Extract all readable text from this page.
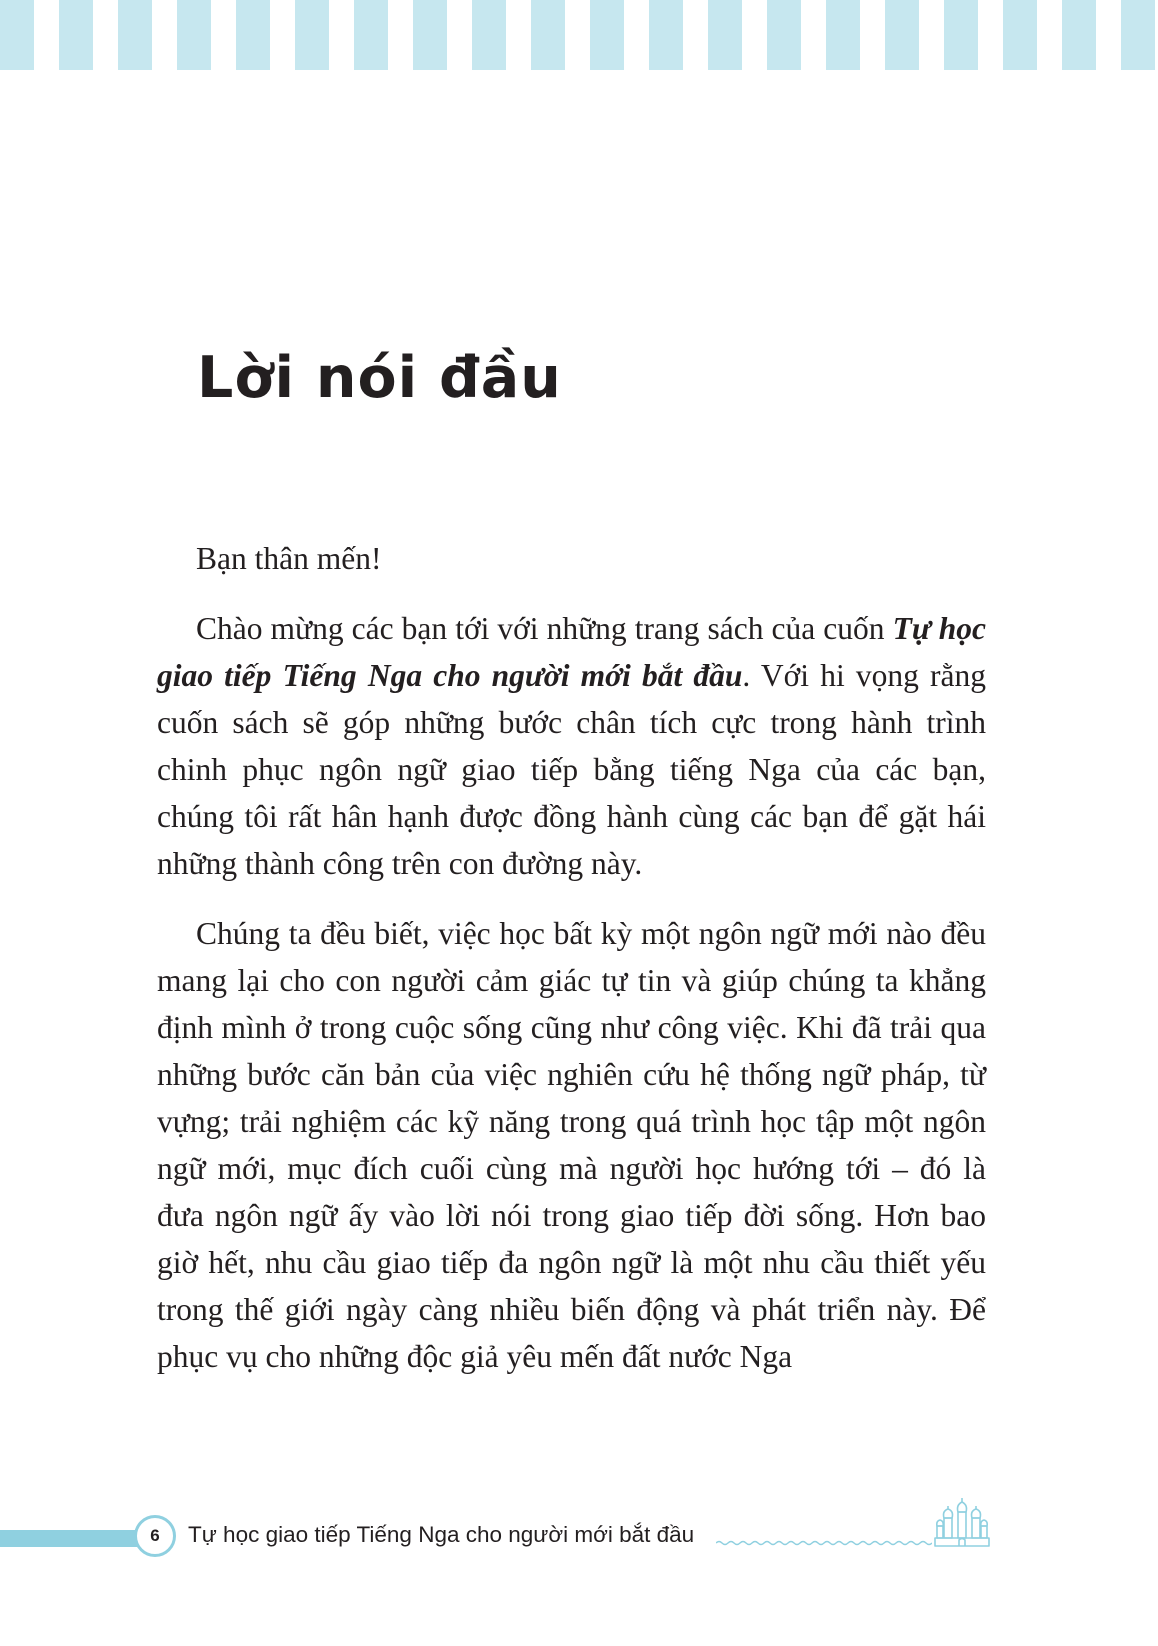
Lời nói đầu

Bạn thân mến!

Chào mừng các bạn tới với những trang sách của cuốn Tự học giao tiếp Tiếng Nga cho người mới bắt đầu. Với hi vọng rằng cuốn sách sẽ góp những bước chân tích cực trong hành trình chinh phục ngôn ngữ giao tiếp bằng tiếng Nga của các bạn, chúng tôi rất hân hạnh được đồng hành cùng các bạn để gặt hái những thành công trên con đường này.

Chúng ta đều biết, việc học bất kỳ một ngôn ngữ mới nào đều mang lại cho con người cảm giác tự tin và giúp chúng ta khẳng định mình ở trong cuộc sống cũng như công việc. Khi đã trải qua những bước căn bản của việc nghiên cứu hệ thống ngữ pháp, từ vựng; trải nghiệm các kỹ năng trong quá trình học tập một ngôn ngữ mới, mục đích cuối cùng mà người học hướng tới – đó là đưa ngôn ngữ ấy vào lời nói trong giao tiếp đời sống. Hơn bao giờ hết, nhu cầu giao tiếp đa ngôn ngữ là một nhu cầu thiết yếu trong thế giới ngày càng nhiều biến động và phát triển này. Để phục vụ cho những độc giả yêu mến đất nước Nga

6	Tự học giao tiếp Tiếng Nga cho người mới bắt đầu
